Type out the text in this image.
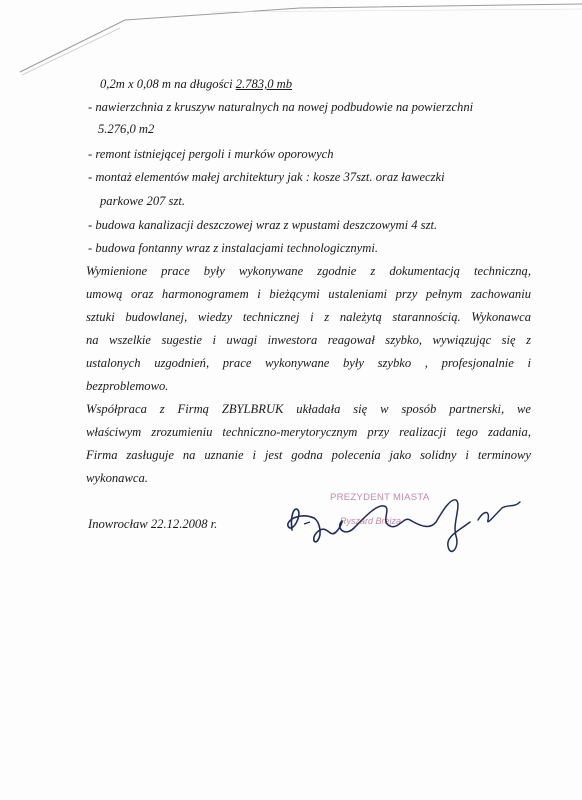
0,2m x 0,08 m na długości 2.783,0 mb
- nawierzchnia z kruszyw naturalnych na nowej podbudowie na powierzchni
5.276,0 m2
- remont istniejącej pergoli i murków oporowych
- montaż elementów małej architektury jak : kosze 37szt. oraz ławeczki
parkowe 207 szt.
- budowa kanalizacji deszczowej wraz z wpustami deszczowymi 4 szt.
- budowa fontanny wraz z instalacjami technologicznymi.
Wymienione prace były wykonywane zgodnie z dokumentacją techniczną,
umową oraz harmonogramem i bieżącymi ustaleniami przy pełnym zachowaniu
sztuki budowlanej, wiedzy technicznej i z należytą starannością. Wykonawca
na wszelkie sugestie i uwagi inwestora reagował szybko, wywiązując się z
ustalonych uzgodnień, prace wykonywane były szybko , profesjonalnie i
bezproblemowo.
Współpraca z Firmą ZBYLBRUK układała się w sposób partnerski, we
właściwym zrozumieniu techniczno-merytorycznym przy realizacji tego zadania,
Firma zasługuje na uznanie i jest godna polecenia jako solidny i terminowy
wykonawca.
Inowrocław 22.12.2008 r.
PREZYDENT MIASTA
Ryszard Brejza
